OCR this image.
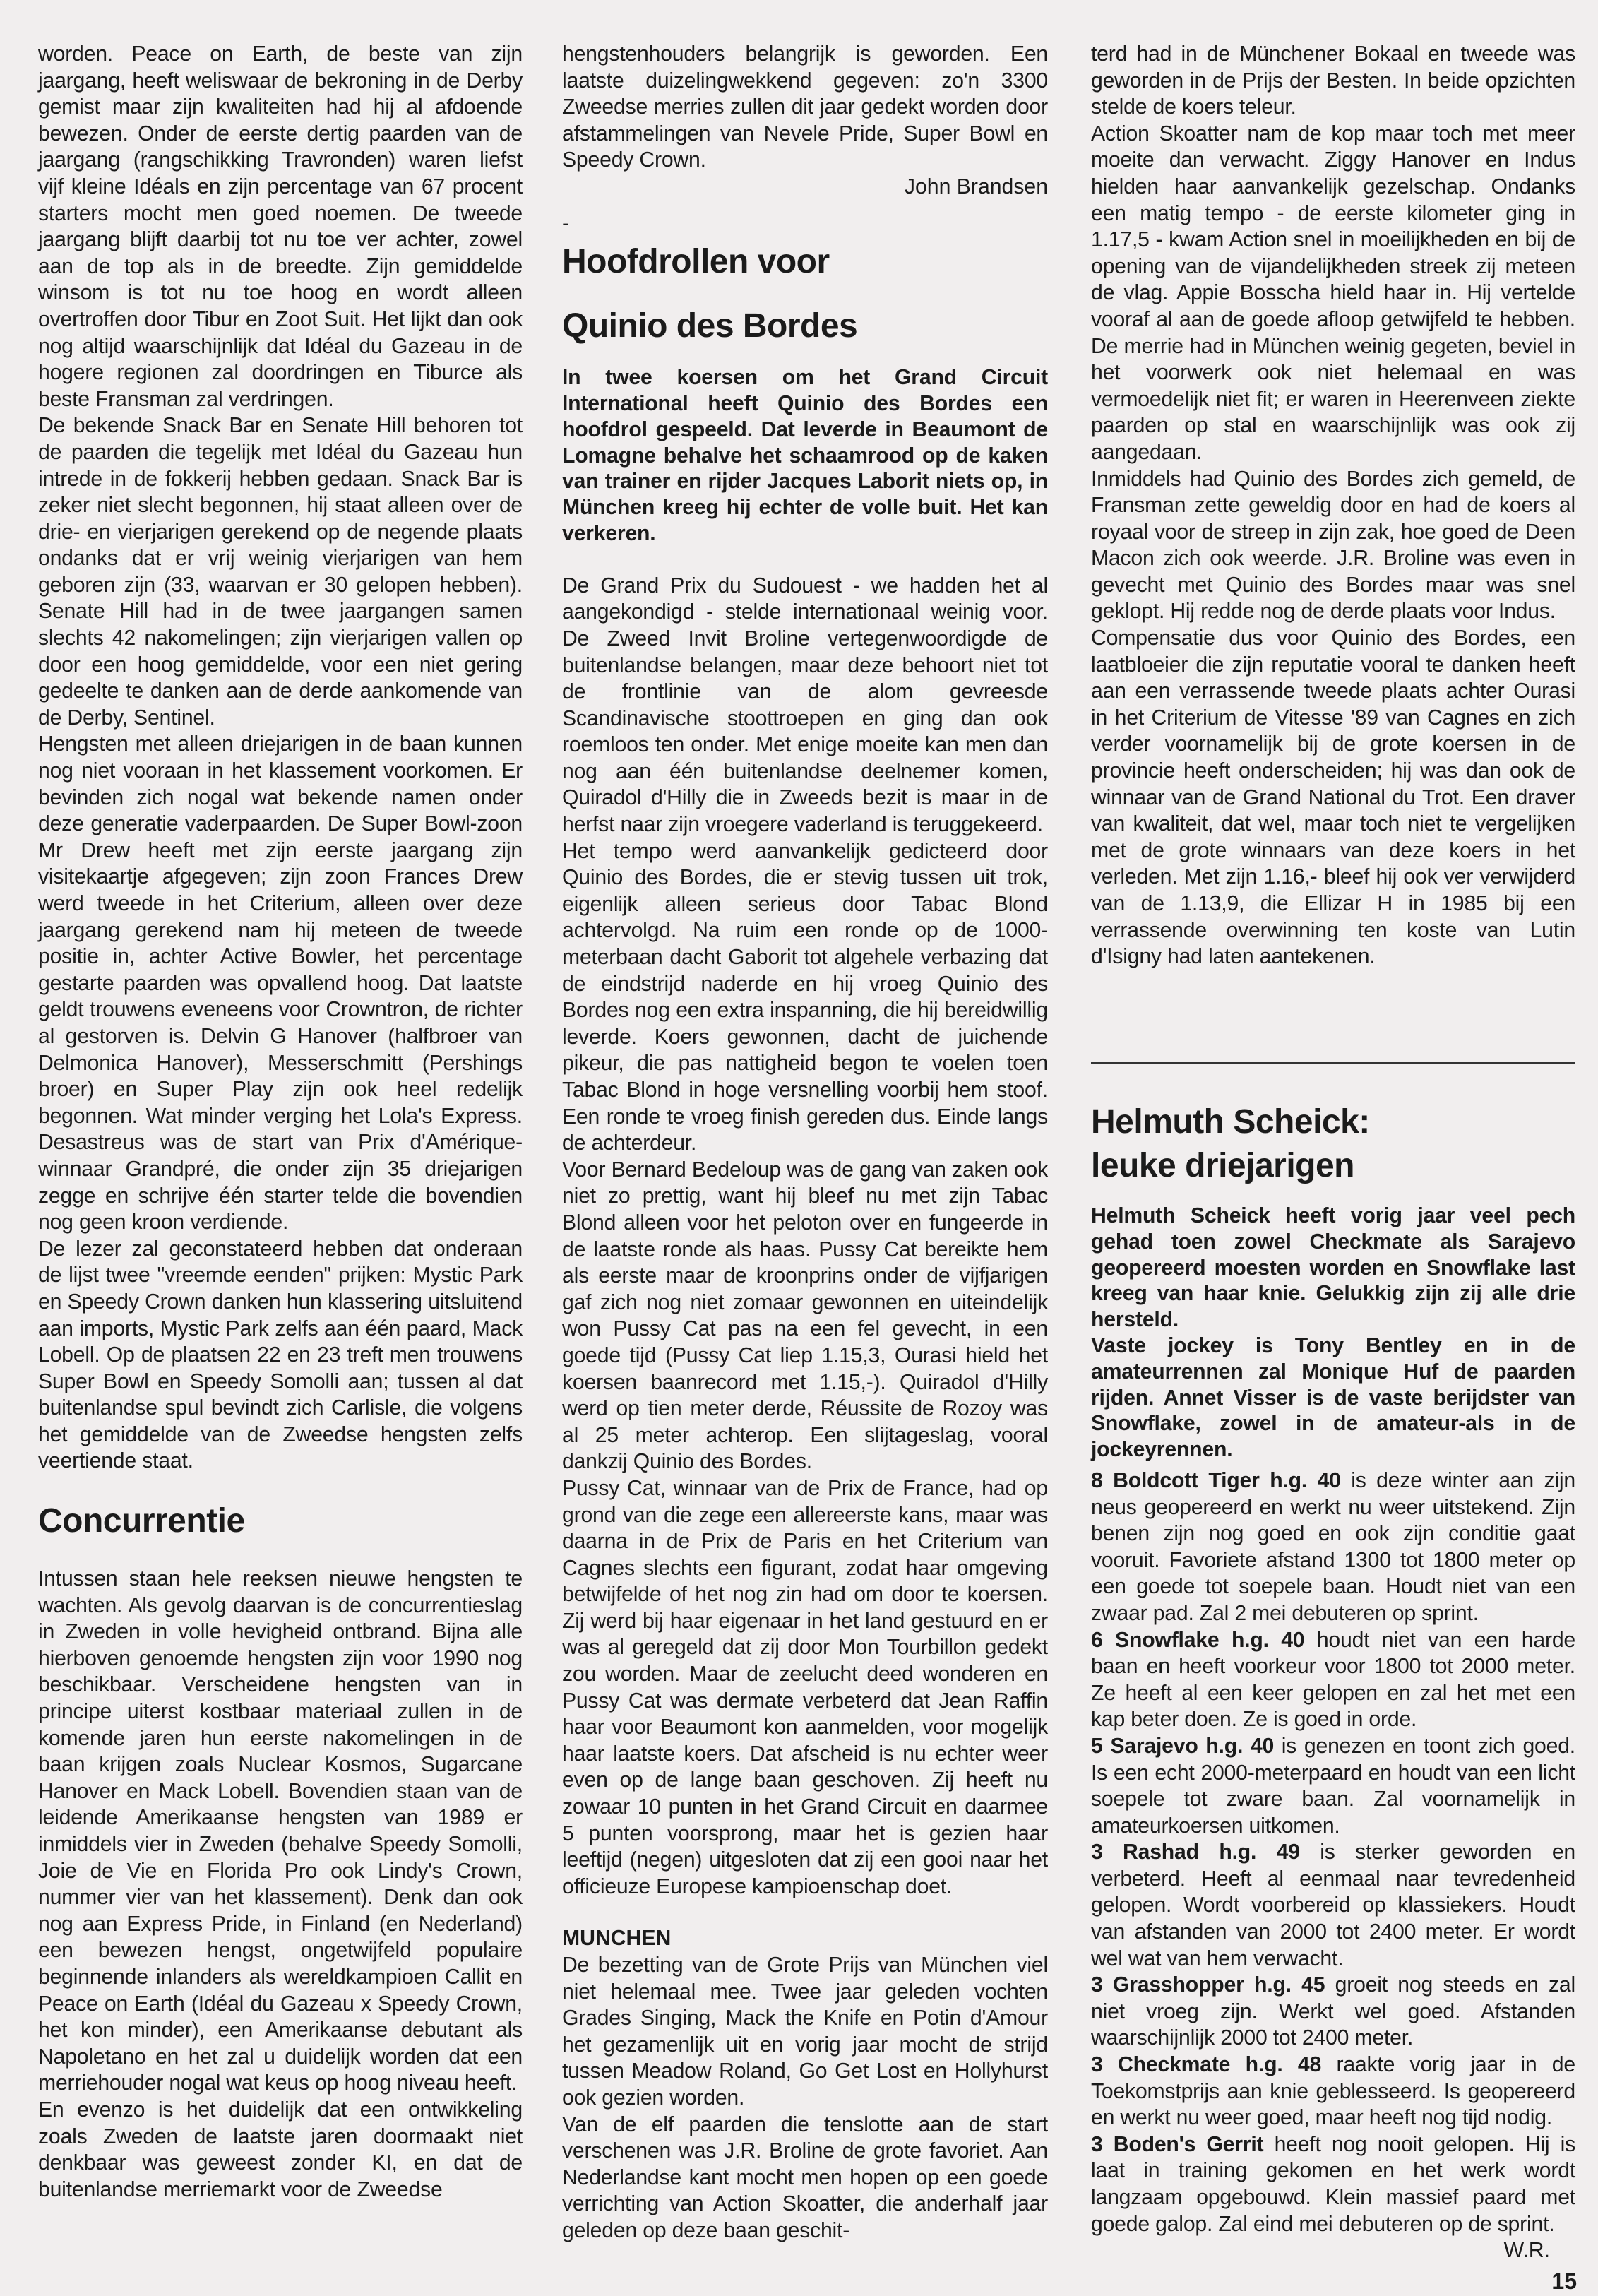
worden. Peace on Earth, de beste van zijn jaargang, heeft weliswaar de bekroning in de Derby gemist maar zijn kwaliteiten had hij al afdoende bewezen. Onder de eerste dertig paarden van de jaargang (rangschikking Travronden) waren liefst vijf kleine Idéals en zijn percentage van 67 procent starters mocht men goed noemen. De tweede jaargang blijft daarbij tot nu toe ver achter, zowel aan de top als in de breedte. Zijn gemiddelde winsom is tot nu toe hoog en wordt alleen overtroffen door Tibur en Zoot Suit. Het lijkt dan ook nog altijd waarschijnlijk dat Idéal du Gazeau in de hogere regionen zal doordringen en Tiburce als beste Fransman zal verdringen.

De bekende Snack Bar en Senate Hill behoren tot de paarden die tegelijk met Idéal du Gazeau hun intrede in de fokkerij hebben gedaan. Snack Bar is zeker niet slecht begonnen, hij staat alleen over de drie- en vierjarigen gerekend op de negende plaats ondanks dat er vrij weinig vierjarigen van hem geboren zijn (33, waarvan er 30 gelopen hebben). Senate Hill had in de twee jaargangen samen slechts 42 nakomelingen; zijn vierjarigen vallen op door een hoog gemiddelde, voor een niet gering gedeelte te danken aan de derde aankomende van de Derby, Sentinel.

Hengsten met alleen driejarigen in de baan kunnen nog niet vooraan in het klassement voorkomen. Er bevinden zich nogal wat bekende namen onder deze generatie vaderpaarden. De Super Bowl-zoon Mr Drew heeft met zijn eerste jaargang zijn visitekaartje afgegeven; zijn zoon Frances Drew werd tweede in het Criterium, alleen over deze jaargang gerekend nam hij meteen de tweede positie in, achter Active Bowler, het percentage gestarte paarden was opvallend hoog. Dat laatste geldt trouwens eveneens voor Crowntron, de richter al gestorven is. Delvin G Hanover (halfbroer van Delmonica Hanover), Messerschmitt (Pershings broer) en Super Play zijn ook heel redelijk begonnen. Wat minder verging het Lola's Express. Desastreus was de start van Prix d'Amérique-winnaar Grandpré, die onder zijn 35 driejarigen zegge en schrijve één starter telde die bovendien nog geen kroon verdiende.

De lezer zal geconstateerd hebben dat onderaan de lijst twee "vreemde eenden" prijken: Mystic Park en Speedy Crown danken hun klassering uitsluitend aan imports, Mystic Park zelfs aan één paard, Mack Lobell. Op de plaatsen 22 en 23 treft men trouwens Super Bowl en Speedy Somolli aan; tussen al dat buitenlandse spul bevindt zich Carlisle, die volgens het gemiddelde van de Zweedse hengsten zelfs veertiende staat.

Concurrentie

Intussen staan hele reeksen nieuwe hengsten te wachten. Als gevolg daarvan is de concurrentieslag in Zweden in volle hevigheid ontbrand. Bijna alle hierboven genoemde hengsten zijn voor 1990 nog beschikbaar. Verscheidene hengsten van in principe uiterst kostbaar materiaal zullen in de komende jaren hun eerste nakomelingen in de baan krijgen zoals Nuclear Kosmos, Sugarcane Hanover en Mack Lobell. Bovendien staan van de leidende Amerikaanse hengsten van 1989 er inmiddels vier in Zweden (behalve Speedy Somolli, Joie de Vie en Florida Pro ook Lindy's Crown, nummer vier van het klassement). Denk dan ook nog aan Express Pride, in Finland (en Nederland) een bewezen hengst, ongetwijfeld populaire beginnende inlanders als wereldkampioen Callit en Peace on Earth (Idéal du Gazeau x Speedy Crown, het kon minder), een Amerikaanse debutant als Napoletano en het zal u duidelijk worden dat een merriehouder nogal wat keus op hoog niveau heeft.

En evenzo is het duidelijk dat een ontwikkeling zoals Zweden de laatste jaren doormaakt niet denkbaar was geweest zonder KI, en dat de buitenlandse merriemarkt voor de Zweedse

hengstenhouders belangrijk is geworden. Een laatste duizelingwekkend gegeven: zo'n 3300 Zweedse merries zullen dit jaar gedekt worden door afstammelingen van Nevele Pride, Super Bowl en Speedy Crown.

John Brandsen

-

Hoofdrollen voor
Quinio des Bordes

In twee koersen om het Grand Circuit International heeft Quinio des Bordes een hoofdrol gespeeld. Dat leverde in Beaumont de Lomagne behalve het schaamrood op de kaken van trainer en rijder Jacques Laborit niets op, in München kreeg hij echter de volle buit. Het kan verkeren.

De Grand Prix du Sudouest - we hadden het al aangekondigd - stelde internationaal weinig voor. De Zweed Invit Broline vertegenwoordigde de buitenlandse belangen, maar deze behoort niet tot de frontlinie van de alom gevreesde Scandinavische stoottroepen en ging dan ook roemloos ten onder. Met enige moeite kan men dan nog aan één buitenlandse deelnemer komen, Quiradol d'Hilly die in Zweeds bezit is maar in de herfst naar zijn vroegere vaderland is teruggekeerd.

Het tempo werd aanvankelijk gedicteerd door Quinio des Bordes, die er stevig tussen uit trok, eigenlijk alleen serieus door Tabac Blond achtervolgd. Na ruim een ronde op de 1000-meterbaan dacht Gaborit tot algehele verbazing dat de eindstrijd naderde en hij vroeg Quinio des Bordes nog een extra inspanning, die hij bereidwillig leverde. Koers gewonnen, dacht de juichende pikeur, die pas nattigheid begon te voelen toen Tabac Blond in hoge versnelling voorbij hem stoof. Een ronde te vroeg finish gereden dus. Einde langs de achterdeur.

Voor Bernard Bedeloup was de gang van zaken ook niet zo prettig, want hij bleef nu met zijn Tabac Blond alleen voor het peloton over en fungeerde in de laatste ronde als haas. Pussy Cat bereikte hem als eerste maar de kroonprins onder de vijfjarigen gaf zich nog niet zomaar gewonnen en uiteindelijk won Pussy Cat pas na een fel gevecht, in een goede tijd (Pussy Cat liep 1.15,3, Ourasi hield het koersen baanrecord met 1.15,-). Quiradol d'Hilly werd op tien meter derde, Réussite de Rozoy was al 25 meter achterop. Een slijtageslag, vooral dankzij Quinio des Bordes.

Pussy Cat, winnaar van de Prix de France, had op grond van die zege een allereerste kans, maar was daarna in de Prix de Paris en het Criterium van Cagnes slechts een figurant, zodat haar omgeving betwijfelde of het nog zin had om door te koersen. Zij werd bij haar eigenaar in het land gestuurd en er was al geregeld dat zij door Mon Tourbillon gedekt zou worden. Maar de zeelucht deed wonderen en Pussy Cat was dermate verbeterd dat Jean Raffin haar voor Beaumont kon aanmelden, voor mogelijk haar laatste koers. Dat afscheid is nu echter weer even op de lange baan geschoven. Zij heeft nu zowaar 10 punten in het Grand Circuit en daarmee 5 punten voorsprong, maar het is gezien haar leeftijd (negen) uitgesloten dat zij een gooi naar het officieuze Europese kampioenschap doet.

MUNCHEN

De bezetting van de Grote Prijs van München viel niet helemaal mee. Twee jaar geleden vochten Grades Singing, Mack the Knife en Potin d'Amour het gezamenlijk uit en vorig jaar mocht de strijd tussen Meadow Roland, Go Get Lost en Hollyhurst ook gezien worden.

Van de elf paarden die tenslotte aan de start verschenen was J.R. Broline de grote favoriet. Aan Nederlandse kant mocht men hopen op een goede verrichting van Action Skoatter, die anderhalf jaar geleden op deze baan geschit-

terd had in de Münchener Bokaal en tweede was geworden in de Prijs der Besten. In beide opzichten stelde de koers teleur.

Action Skoatter nam de kop maar toch met meer moeite dan verwacht. Ziggy Hanover en Indus hielden haar aanvankelijk gezelschap. Ondanks een matig tempo - de eerste kilometer ging in 1.17,5 - kwam Action snel in moeilijkheden en bij de opening van de vijandelijkheden streek zij meteen de vlag. Appie Bosscha hield haar in. Hij vertelde vooraf al aan de goede afloop getwijfeld te hebben. De merrie had in München weinig gegeten, beviel in het voorwerk ook niet helemaal en was vermoedelijk niet fit; er waren in Heerenveen ziekte paarden op stal en waarschijnlijk was ook zij aangedaan.

Inmiddels had Quinio des Bordes zich gemeld, de Fransman zette geweldig door en had de koers al royaal voor de streep in zijn zak, hoe goed de Deen Macon zich ook weerde. J.R. Broline was even in gevecht met Quinio des Bordes maar was snel geklopt. Hij redde nog de derde plaats voor Indus.

Compensatie dus voor Quinio des Bordes, een laatbloeier die zijn reputatie vooral te danken heeft aan een verrassende tweede plaats achter Ourasi in het Criterium de Vitesse '89 van Cagnes en zich verder voornamelijk bij de grote koersen in de provincie heeft onderscheiden; hij was dan ook de winnaar van de Grand National du Trot. Een draver van kwaliteit, dat wel, maar toch niet te vergelijken met de grote winnaars van deze koers in het verleden. Met zijn 1.16,- bleef hij ook ver verwijderd van de 1.13,9, die Ellizar H in 1985 bij een verrassende overwinning ten koste van Lutin d'Isigny had laten aantekenen.

Helmuth Scheick:
leuke driejarigen

Helmuth Scheick heeft vorig jaar veel pech gehad toen zowel Checkmate als Sarajevo geopereerd moesten worden en Snowflake last kreeg van haar knie. Gelukkig zijn zij alle drie hersteld.

Vaste jockey is Tony Bentley en in de amateurrennen zal Monique Huf de paarden rijden. Annet Visser is de vaste berijdster van Snowflake, zowel in de amateur-als in de jockeyrennen.

8 Boldcott Tiger h.g. 40 is deze winter aan zijn neus geopereerd en werkt nu weer uitstekend. Zijn benen zijn nog goed en ook zijn conditie gaat vooruit. Favoriete afstand 1300 tot 1800 meter op een goede tot soepele baan. Houdt niet van een zwaar pad. Zal 2 mei debuteren op sprint.

6 Snowflake h.g. 40 houdt niet van een harde baan en heeft voorkeur voor 1800 tot 2000 meter. Ze heeft al een keer gelopen en zal het met een kap beter doen. Ze is goed in orde.

5 Sarajevo h.g. 40 is genezen en toont zich goed. Is een echt 2000-meterpaard en houdt van een licht soepele tot zware baan. Zal voornamelijk in amateurkoersen uitkomen.

3 Rashad h.g. 49 is sterker geworden en verbeterd. Heeft al eenmaal naar tevredenheid gelopen. Wordt voorbereid op klassiekers. Houdt van afstanden van 2000 tot 2400 meter. Er wordt wel wat van hem verwacht.

3 Grasshopper h.g. 45 groeit nog steeds en zal niet vroeg zijn. Werkt wel goed. Afstanden waarschijnlijk 2000 tot 2400 meter.

3 Checkmate h.g. 48 raakte vorig jaar in de Toekomstprijs aan knie geblesseerd. Is geopereerd en werkt nu weer goed, maar heeft nog tijd nodig.

3 Boden's Gerrit heeft nog nooit gelopen. Hij is laat in training gekomen en het werk wordt langzaam opgebouwd. Klein massief paard met goede galop. Zal eind mei debuteren op de sprint.

W.R.

15
